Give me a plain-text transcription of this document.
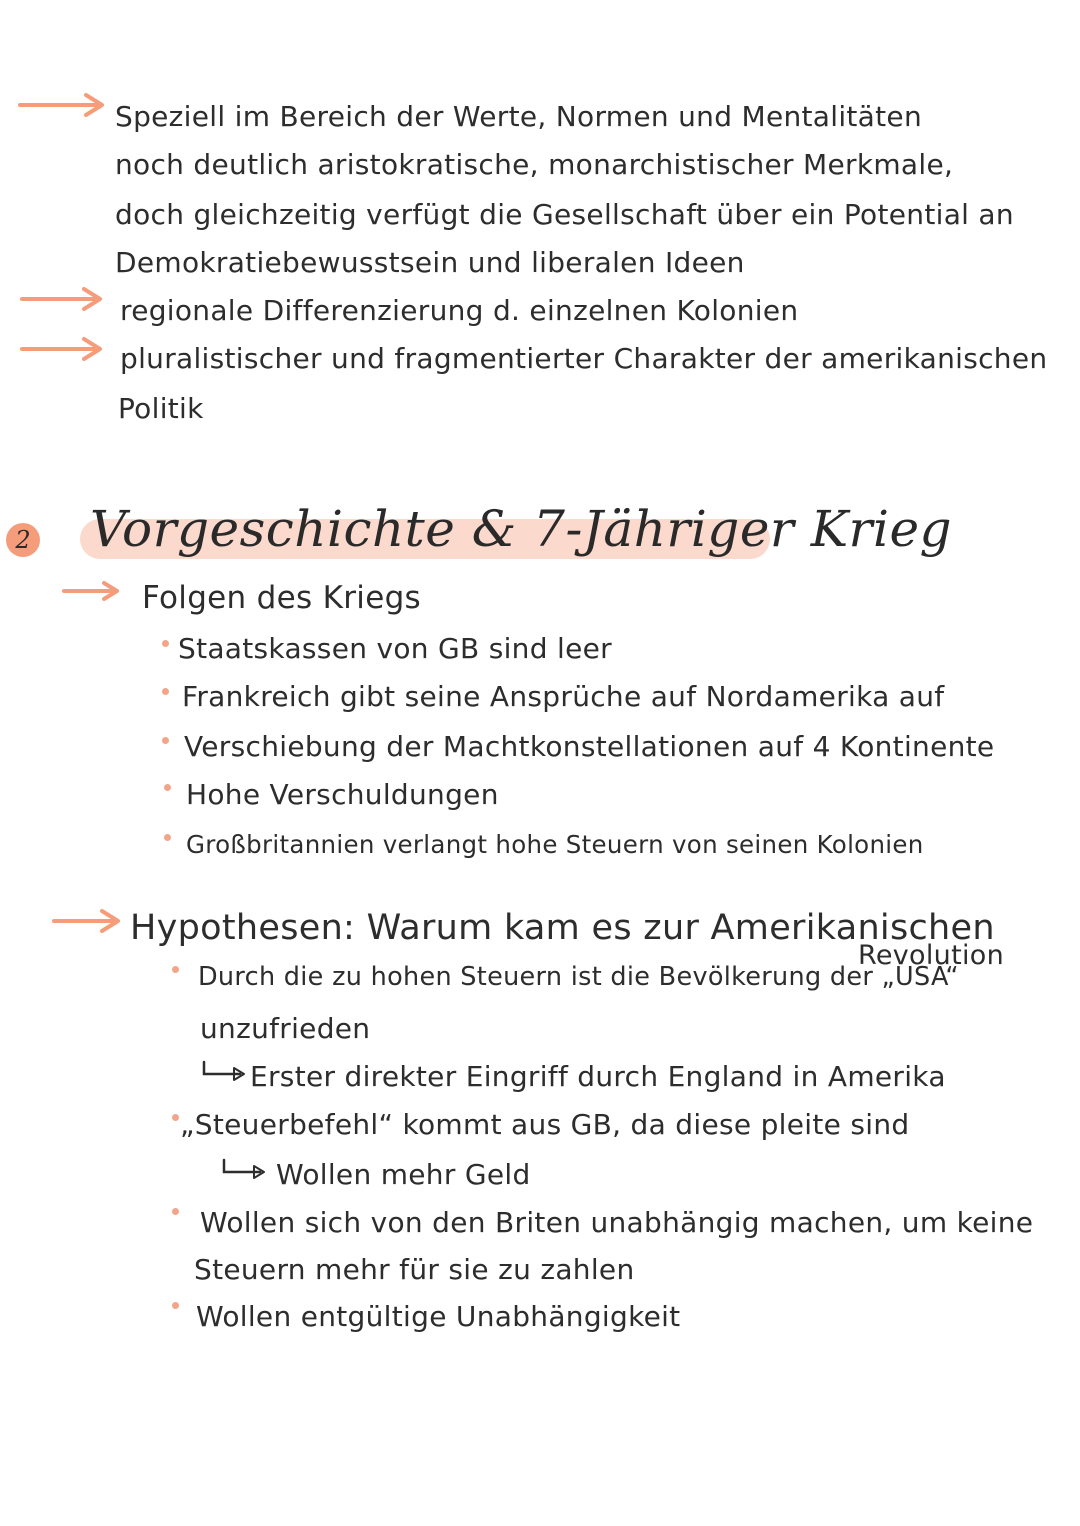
Speziell im Bereich der Werte, Normen und Mentalitäten
noch deutlich aristokratische, monarchistischer Merkmale,
doch gleichzeitig verfügt die Gesellschaft über ein Potential an
Demokratiebewusstsein und liberalen Ideen
regionale Differenzierung d. einzelnen Kolonien
pluralistischer und fragmentierter Charakter der amerikanischen
Politik
2 Vorgeschichte & 7-Jähriger Krieg
Folgen des Kriegs
Staatskassen von GB sind leer
Frankreich gibt seine Ansprüche auf Nordamerika auf
Verschiebung der Machtkonstellationen auf 4 Kontinente
Hohe Verschuldungen
Großbritannien verlangt hohe Steuern von seinen Kolonien
Hypothesen: Warum kam es zur Amerikanischen
Revolution
Durch die zu hohen Steuern ist die Bevölkerung der „USA“
unzufrieden
Erster direkter Eingriff durch England in Amerika
„Steuerbefehl“ kommt aus GB, da diese pleite sind
Wollen mehr Geld
Wollen sich von den Briten unabhängig machen, um keine
Steuern mehr für sie zu zahlen
Wollen entgültige Unabhängigkeit
